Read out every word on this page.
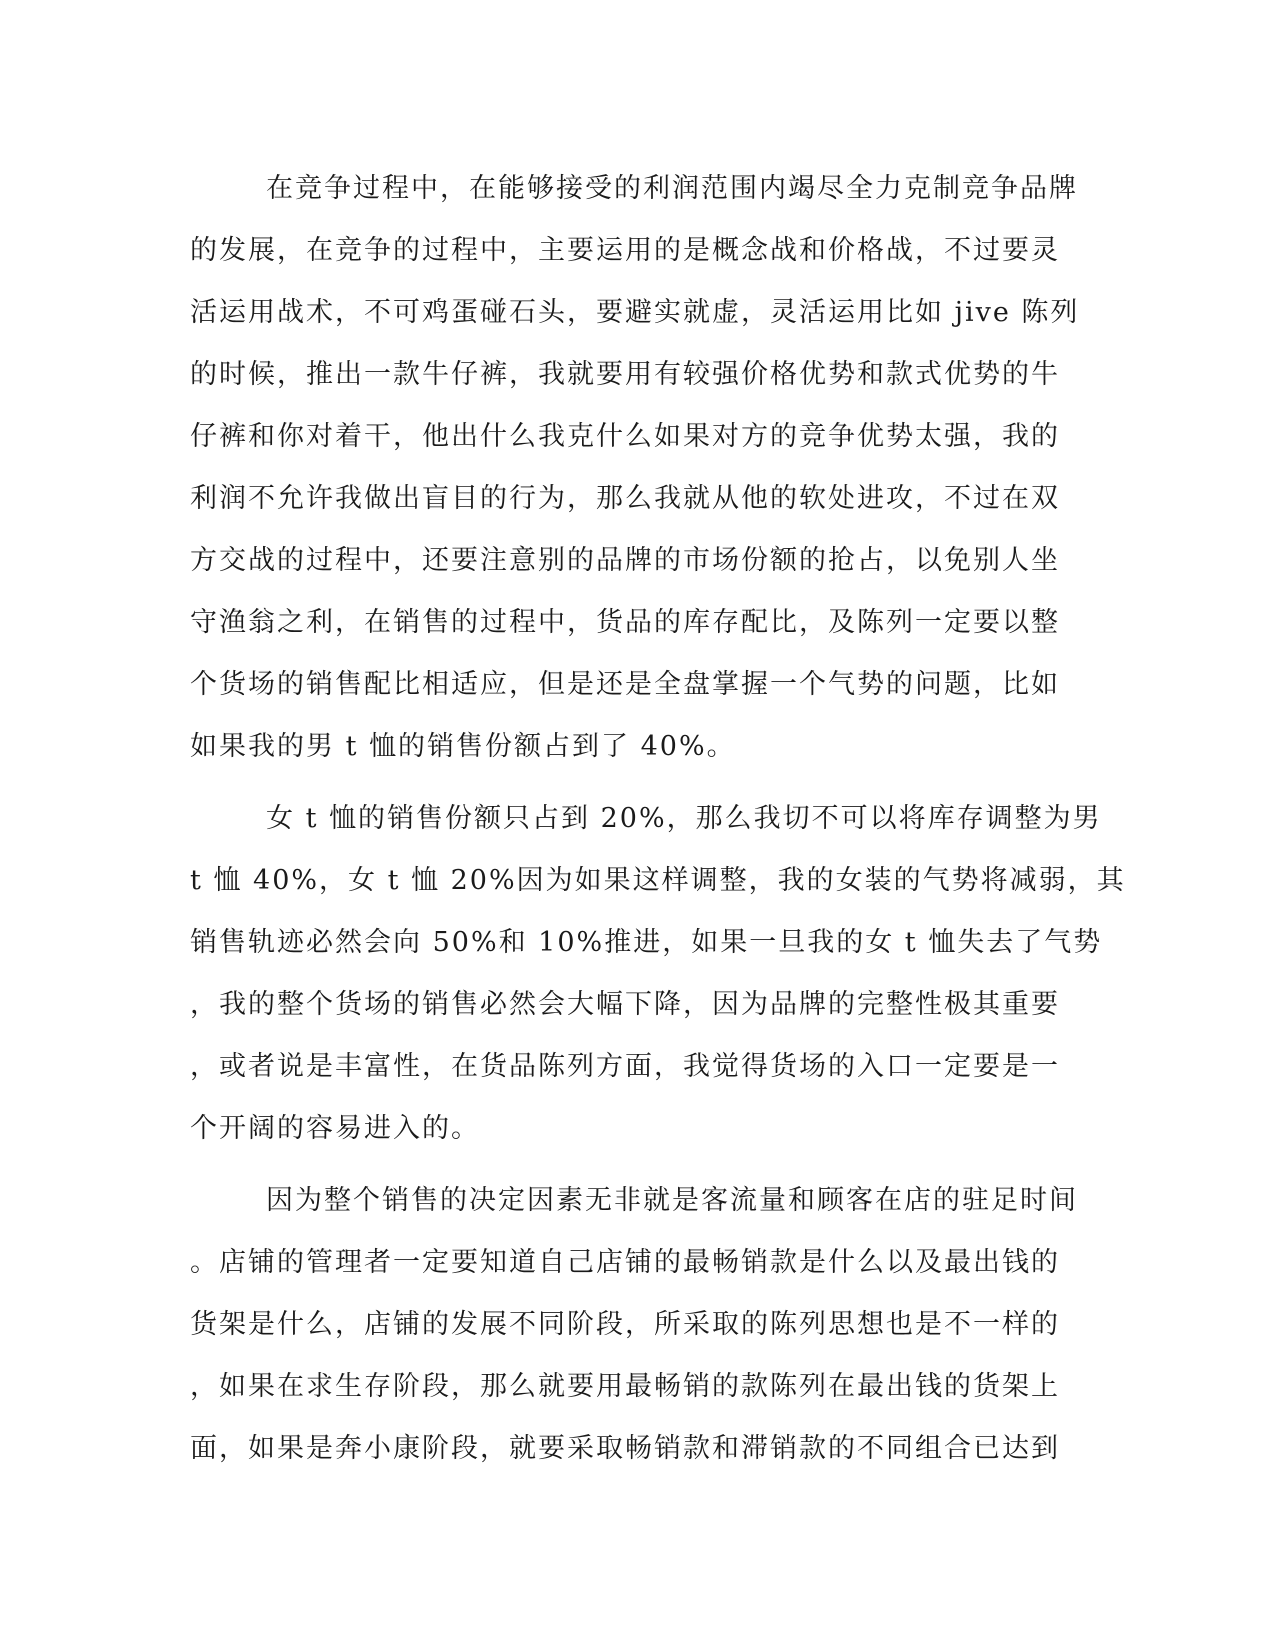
在竞争过程中，在能够接受的利润范围内竭尽全力克制竞争品牌
的发展，在竞争的过程中，主要运用的是概念战和价格战，不过要灵
活运用战术，不可鸡蛋碰石头，要避实就虚，灵活运用比如 jive 陈列
的时候，推出一款牛仔裤，我就要用有较强价格优势和款式优势的牛
仔裤和你对着干，他出什么我克什么如果对方的竞争优势太强，我的
利润不允许我做出盲目的行为，那么我就从他的软处进攻，不过在双
方交战的过程中，还要注意别的品牌的市场份额的抢占，以免别人坐
守渔翁之利，在销售的过程中，货品的库存配比，及陈列一定要以整
个货场的销售配比相适应，但是还是全盘掌握一个气势的问题，比如
如果我的男 t 恤的销售份额占到了 40%。
女 t 恤的销售份额只占到 20%，那么我切不可以将库存调整为男
t 恤 40%，女 t 恤 20%因为如果这样调整，我的女装的气势将减弱，其
销售轨迹必然会向 50%和 10%推进，如果一旦我的女 t 恤失去了气势
，我的整个货场的销售必然会大幅下降，因为品牌的完整性极其重要
，或者说是丰富性，在货品陈列方面，我觉得货场的入口一定要是一
个开阔的容易进入的。
因为整个销售的决定因素无非就是客流量和顾客在店的驻足时间
。店铺的管理者一定要知道自己店铺的最畅销款是什么以及最出钱的
货架是什么，店铺的发展不同阶段，所采取的陈列思想也是不一样的
，如果在求生存阶段，那么就要用最畅销的款陈列在最出钱的货架上
面，如果是奔小康阶段，就要采取畅销款和滞销款的不同组合已达到
